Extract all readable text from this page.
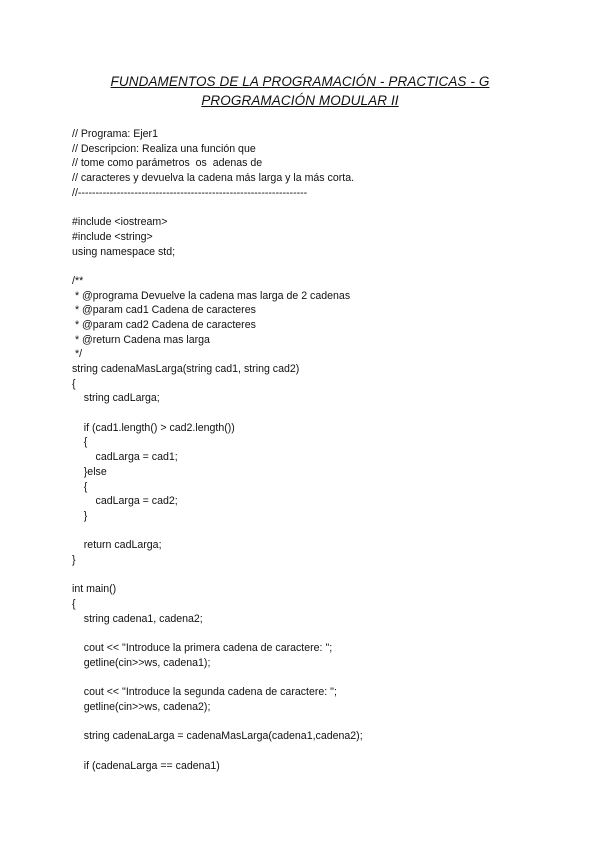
FUNDAMENTOS DE LA PROGRAMACIÓN - PRACTICAS - G
PROGRAMACIÓN MODULAR II
// Programa: Ejer1
// Descripcion: Realiza una función que
// tome como parámetros  os  adenas de
// caracteres y devuelva la cadena más larga y la más corta.
//-----------------------------------------------------------------
#include <iostream>
#include <string>
using namespace std;
/**
* @programa Devuelve la cadena mas larga de 2 cadenas
* @param cad1 Cadena de caracteres
* @param cad2 Cadena de caracteres
* @return Cadena mas larga
*/
string cadenaMasLarga(string cad1, string cad2)
{
string cadLarga;
if (cad1.length() > cad2.length())
{
cadLarga = cad1;
}else
{
cadLarga = cad2;
}
return cadLarga;
}
int main()
{
string cadena1, cadena2;
cout << "Introduce la primera cadena de caractere: ";
getline(cin>>ws, cadena1);
cout << "Introduce la segunda cadena de caractere: ";
getline(cin>>ws, cadena2);
string cadenaLarga = cadenaMasLarga(cadena1,cadena2);
if (cadenaLarga == cadena1)
